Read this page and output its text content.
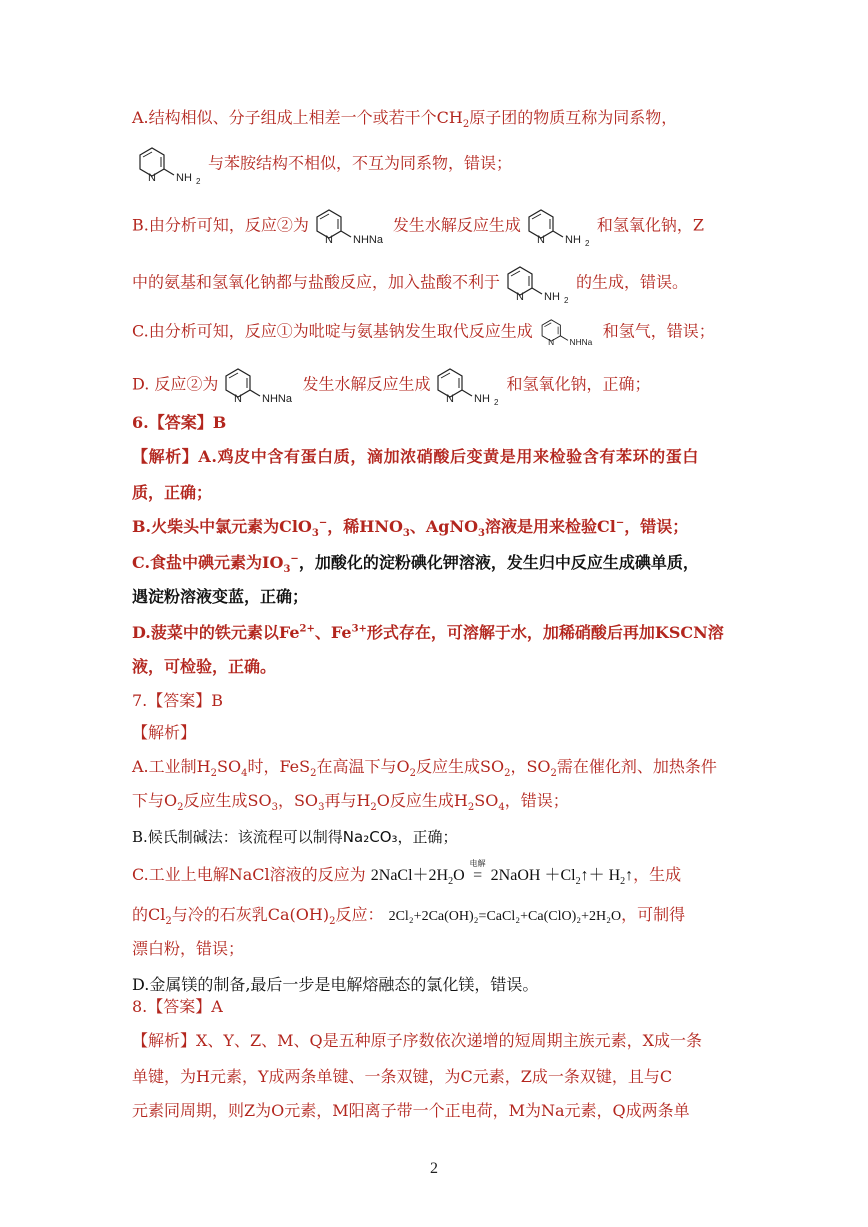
A.结构相似、分子组成上相差一个或若干个$CH_2$原子团的物质互称为同系物，
N NH 2
与苯胺结构不相似，不互为同系物，错误；
B.由分析可知，反应②为
N NHNa
发生水解反应生成
N NH 2
和氢氧化钠，Z
中的氨基和氢氧化钠都与盐酸反应，加入盐酸不利于
N NH 2
的生成，错误。
C.由分析可知，反应①为吡啶与氨基钠发生取代反应生成
N NHNa
和氢气，错误；
D. 反应②为
N NHNa
发生水解反应生成
N NH 2
和氢氧化钠，正确；
6.【答案】B
【解析】A.鸡皮中含有蛋白质，滴加浓硝酸后变黄是用来检验含有苯环的蛋白
质，正确；
B.火柴头中氯元素为ClO$_3$−，稀$HNO_3$、AgNO$_3$溶液是用来检验Cl−，错误；
C.食盐中碘元素为$IO_3^-$，加酸化的淀粉碘化钾溶液，发生归中反应生成碘单质，
遇淀粉溶液变蓝，正确；
D.菠菜中的铁元素以$Fe^{2+}$、$Fe^{3+}$形式存在，可溶解于水，加稀硝酸后再加KSCN溶
液，可检验，正确。
7.【答案】B
【解析】
A.工业制$H_2SO_4$时，FeS$_2$在高温下与$O_2$反应生成$SO_2$，$SO_2$需在催化剂、加热条件
下与$O_2$反应生成$SO_3$，$SO_3$再与$H_2O$反应生成$H_2SO_4$，错误；
B.候氏制碱法：该流程可以制得Na₂CO₃，正确；
C.工业上电解NaCl溶液的反应为 $2NaCl+2H_2O$
电解
= 2NaOH $+Cl_2↑+$ $H_2↑$，生成
的$Cl_2$与冷的石灰乳$Ca(OH)_2$反应： 2Cl₂+2Ca(OH)₂=CaCl₂+Ca(ClO)₂+2H₂O，可制得
漂白粉，错误；
D.金属镁的制备,最后一步是电解熔融态的氯化镁，错误。
8.【答案】A
【解析】X、Y、Z、M、Q是五种原子序数依次递增的短周期主族元素，X成一条
单键，为H元素，Y成两条单键、一条双键，为C元素，Z成一条双键，且与C
元素同周期，则Z为O元素，M阳离子带一个正电荷，M为Na元素，Q成两条单
2
